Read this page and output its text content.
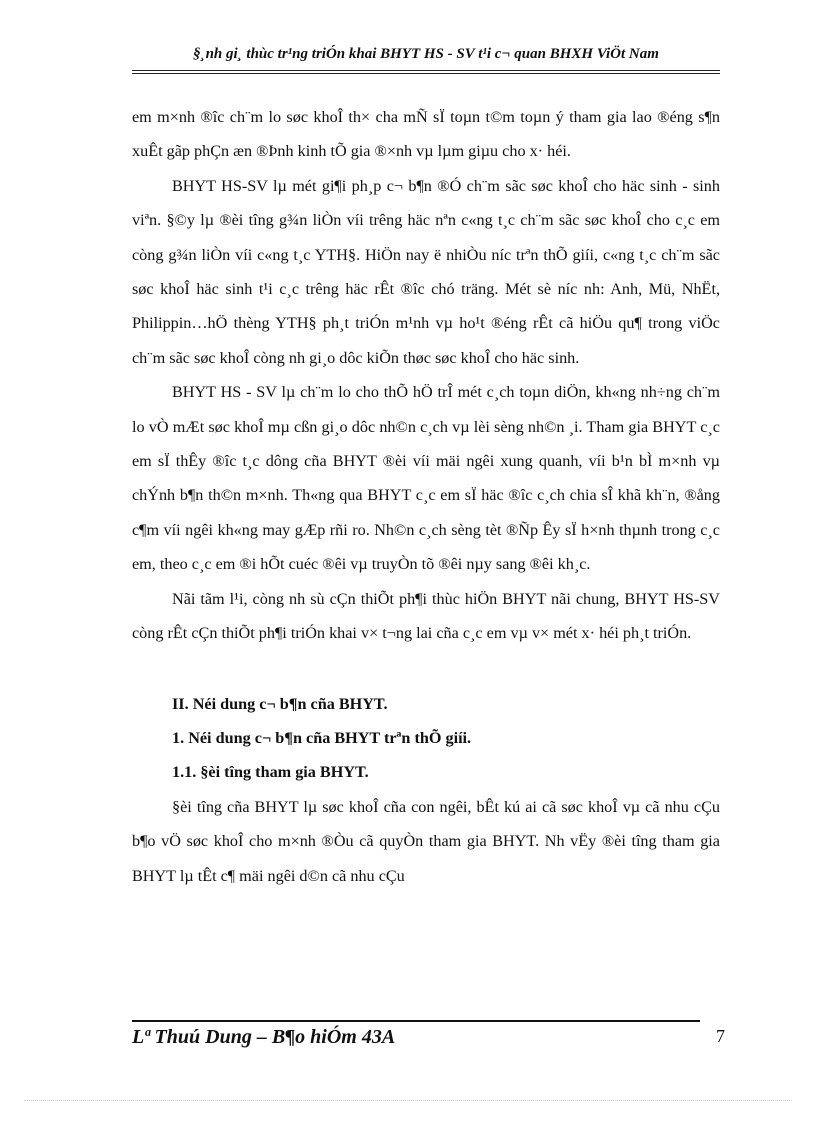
§¸nh gi¸ thùc tr¹ng triÓn khai BHYT HS - SV t¹i c¬ quan BHXH ViÖt Nam

em m×nh ®îc ch¨m lo søc khoÎ th× cha mÑ sÏ toµn t©m toµn ý tham gia lao ®éng s¶n xuÊt gãp phÇn æn ®Þnh kinh tÕ gia ®×nh vµ lµm giµu cho x· héi.

BHYT HS-SV lµ mét gi¶i ph¸p c¬ b¶n ®Ó ch¨m sãc søc khoÎ cho häc sinh - sinh viªn. §©y lµ ®èi tîng g¾n liÒn víi trêng häc nªn c«ng t¸c ch¨m sãc søc khoÎ cho c¸c em còng g¾n liÒn víi c«ng t¸c YTH§. HiÖn nay ë nhiÒu níc trªn thÕ giíi, c«ng t¸c ch¨m sãc søc khoÎ häc sinh t¹i c¸c trêng häc rÊt ®îc chó träng. Mét sè níc nh: Anh, Mü, NhËt, Philippin…hÖ thèng YTH§ ph¸t triÓn m¹nh vµ ho¹t ®éng rÊt cã hiÖu qu¶ trong viÖc ch¨m sãc søc khoÎ còng nh gi¸o dôc kiÕn thøc søc khoÎ cho häc sinh.

BHYT HS - SV lµ ch¨m lo cho thÕ hÖ trÎ mét c¸ch toµn diÖn, kh«ng nh÷ng ch¨m lo vÒ mÆt søc khoÎ mµ cßn gi¸o dôc nh©n c¸ch vµ lèi sèng nh©n ¸i. Tham gia BHYT c¸c em sÏ thÊy ®îc t¸c dông cña BHYT ®èi víi mäi ngêi xung quanh, víi b¹n bÌ m×nh vµ chÝnh b¶n th©n m×nh. Th«ng qua BHYT c¸c em sÏ häc ®îc c¸ch chia sÎ khã kh¨n, ®ång c¶m víi ngêi kh«ng may gÆp rñi ro. Nh©n c¸ch sèng tèt ®Ñp Êy sÏ h×nh thµnh trong c¸c em, theo c¸c em ®i hÕt cuéc ®êi vµ truyÒn tõ ®êi nµy sang ®êi kh¸c.

Nãi tãm l¹i, còng nh sù cÇn thiÕt ph¶i thùc hiÖn BHYT nãi chung, BHYT HS-SV còng rÊt cÇn thiÕt ph¶i triÓn khai v× t¬ng lai cña c¸c em vµ v× mét x· héi ph¸t triÓn.

II. Néi dung c¬ b¶n cña BHYT.

1. Néi dung c¬ b¶n cña BHYT trªn thÕ giíi.

1.1. §èi tîng tham gia BHYT.

§èi tîng cña BHYT lµ søc khoÎ cña con ngêi, bÊt kú ai cã søc khoÎ vµ cã nhu cÇu b¶o vÖ søc khoÎ cho m×nh ®Òu cã quyÒn tham gia BHYT. Nh vËy ®èi tîng tham gia BHYT lµ tÊt c¶ mäi ngêi d©n cã nhu cÇu

Lª Thuú Dung – B¶o hiÓm 43A	7
